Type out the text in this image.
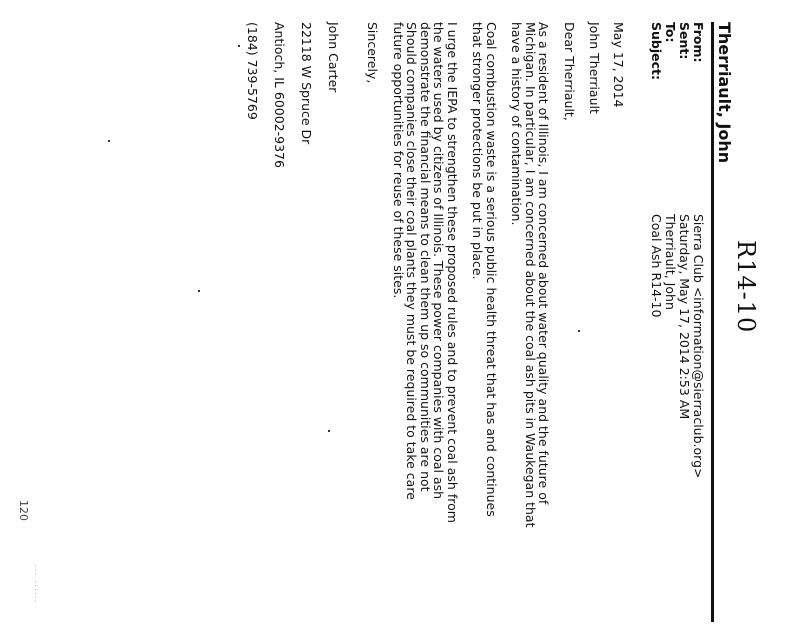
R14-10
Therriault, John
From:
Sierra Club <information@sierraclub.org>
Sent:
Saturday, May 17, 2014 2:53 AM
To:
Therriault, John
Subject:
Coal Ash R14-10

May 17, 2014

John Therriault

Dear Therriault,

As a resident of Illinois, I am concerned about water quality and the future of
Michigan. In particular, I am concerned about the coal ash pits in Waukegan that
have a history of contamination.

Coal combustion waste is a serious public health threat that has and continues
that stronger protections be put in place.

I urge the IEPA to strengthen these proposed rules and to prevent coal ash from
the waters used by citizens of Illinois. These power companies with coal ash
demonstrate the financial means to clean them up so communities are not
Should companies close their coal plants they must be required to take care
future opportunities for reuse of these sites.

Sincerely,

John Carter

22118 W Spruce Dr

Antioch, IL 60002-9376

(184) 739-5769

120
... ......
